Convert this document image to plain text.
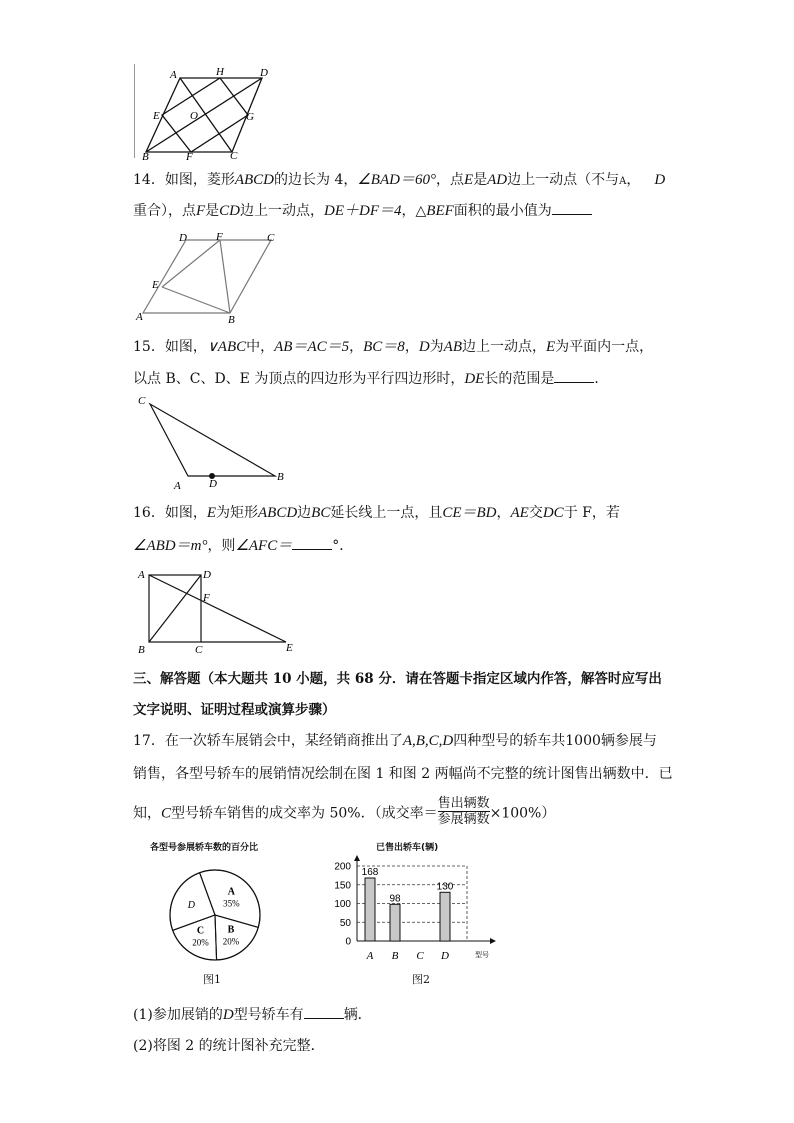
A	H	D
E	O	G
B	F	C
14．如图，菱形ABCD的边长为 4，∠BAD＝60°，点E是AD边上一动点（不与A， D
重合），点F是CD边上一动点，DE＋DF＝4，△BEF面积的最小值为
D	F	C
E
A	B
15．如图，∨ABC中，AB＝AC＝5，BC＝8，D为AB边上一动点，E为平面内一点，
以点 B、C、D、E 为顶点的四边形为平行四边形时，DE长的范围是	．
C
A	D
B
16．如图，E为矩形ABCD边BC延长线上一点，且CE＝BD，AE交DC于 F，若
∠ABD＝m°，则∠AFC＝	°．
A	D
F
B	C	E
三、解答题（本大题共 10 小题，共 68 分．请在答题卡指定区域内作答，解答时应写出
文字说明、证明过程或演算步骤）
17．在一次轿车展销会中，某经销商推出了A,B,C,D四种型号的轿车共1000辆参展与
销售，各型号轿车的展销情况绘制在图 1 和图 2 两幅尚不完整的统计图售出辆数中．已
知，C型号轿车销售的成交率为 50%．（成交率＝
售出辆数
参展辆数 ×100%）
各型号参展轿车数的百分比
A
35%
B
20%
C
20%
D
图1
已售出轿车(辆)
0
50
100
150
200 168
A
98
B C
130
D	型号
图2
(1)参加展销的D型号轿车有	辆．
(2)将图 2 的统计图补充完整．
